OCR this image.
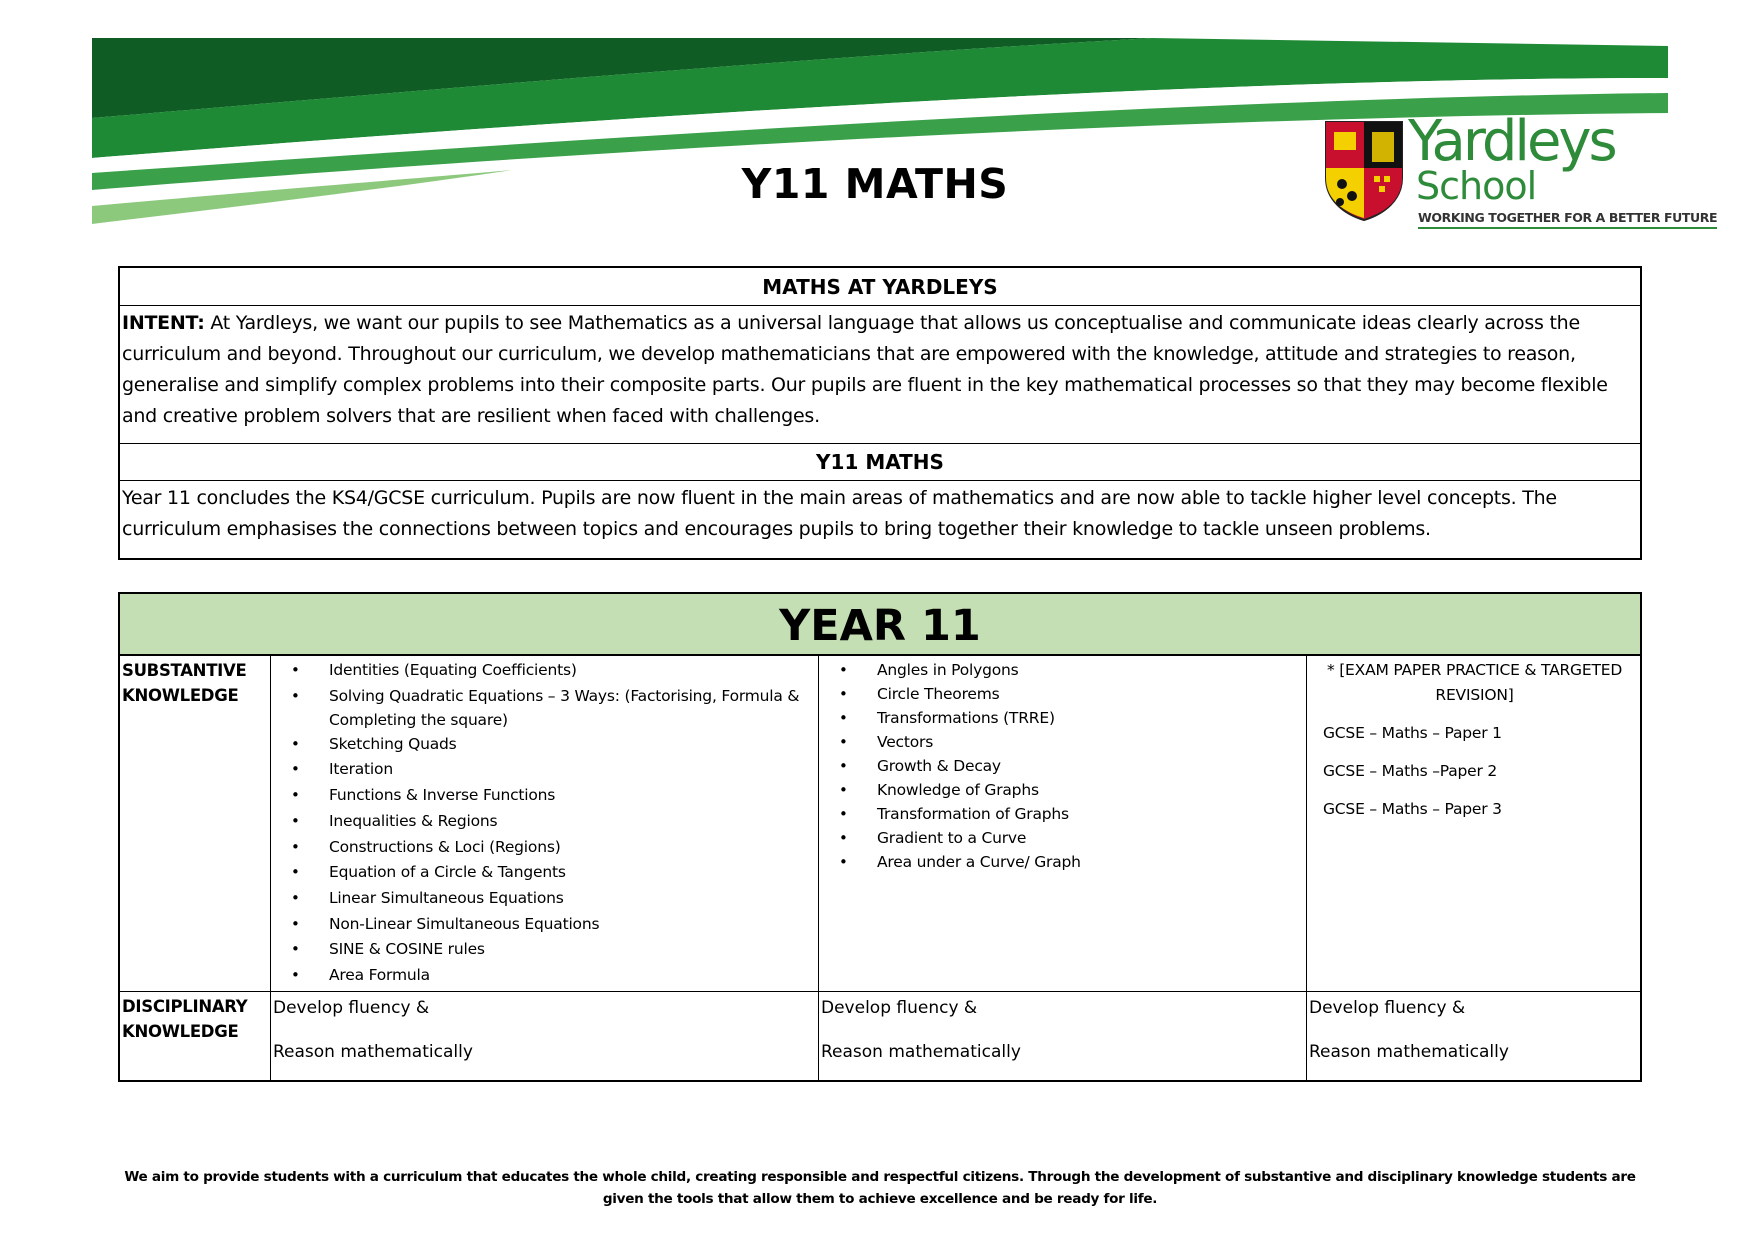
Y11 MATHS
Yardleys
School
WORKING TOGETHER FOR A BETTER FUTURE
MATHS AT YARDLEYS
INTENT: At Yardleys, we want our pupils to see Mathematics as a universal language that allows us conceptualise and communicate ideas clearly across the curriculum and beyond. Throughout our curriculum, we develop mathematicians that are empowered with the knowledge, attitude and strategies to reason, generalise and simplify complex problems into their composite parts. Our pupils are fluent in the key mathematical processes so that they may become flexible and creative problem solvers that are resilient when faced with challenges.
Y11 MATHS
Year 11 concludes the KS4/GCSE curriculum. Pupils are now fluent in the main areas of mathematics and are now able to tackle higher level concepts. The curriculum emphasises the connections between topics and encourages pupils to bring together their knowledge to tackle unseen problems.
YEAR 11
SUBSTANTIVE KNOWLEDGE
• Identities (Equating Coefficients)
• Solving Quadratic Equations – 3 Ways: (Factorising, Formula & Completing the square)
• Sketching Quads
• Iteration
• Functions & Inverse Functions
• Inequalities & Regions
• Constructions & Loci (Regions)
• Equation of a Circle & Tangents
• Linear Simultaneous Equations
• Non-Linear Simultaneous Equations
• SINE & COSINE rules
• Area Formula
• Angles in Polygons
• Circle Theorems
• Transformations (TRRE)
• Vectors
• Growth & Decay
• Knowledge of Graphs
• Transformation of Graphs
• Gradient to a Curve
• Area under a Curve/ Graph
* [EXAM PAPER PRACTICE & TARGETED REVISION]
GCSE – Maths – Paper 1
GCSE – Maths –Paper 2
GCSE – Maths – Paper 3
DISCIPLINARY KNOWLEDGE
Develop fluency &
Reason mathematically
Develop fluency &
Reason mathematically
Develop fluency &
Reason mathematically
We aim to provide students with a curriculum that educates the whole child, creating responsible and respectful citizens. Through the development of substantive and disciplinary knowledge students are given the tools that allow them to achieve excellence and be ready for life.
